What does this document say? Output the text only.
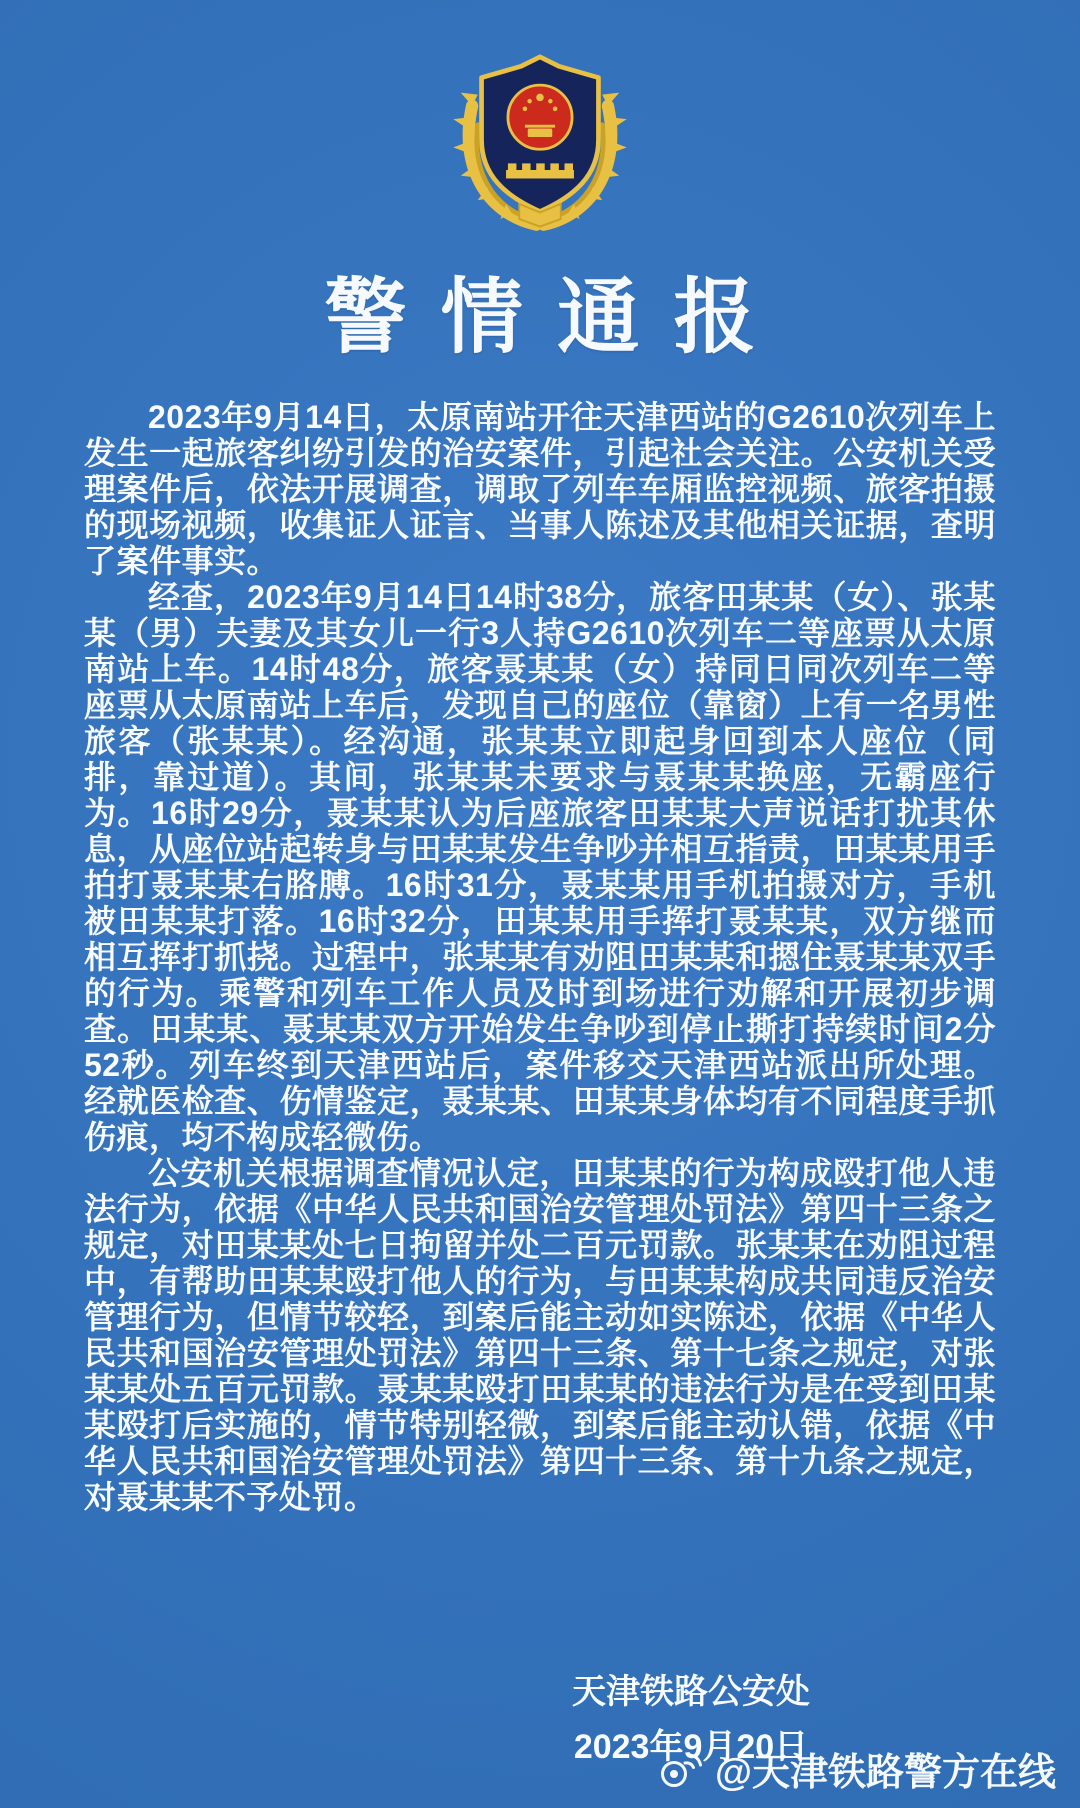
警情通报

2023年9月14日，太原南站开往天津西站的G2610次列车上发生一起旅客纠纷引发的治安案件，引起社会关注。公安机关受理案件后，依法开展调查，调取了列车车厢监控视频、旅客拍摄的现场视频，收集证人证言、当事人陈述及其他相关证据，查明了案件事实。

经查，2023年9月14日14时38分，旅客田某某（女）、张某某（男）夫妻及其女儿一行3人持G2610次列车二等座票从太原南站上车。14时48分，旅客聂某某（女）持同日同次列车二等座票从太原南站上车后，发现自己的座位（靠窗）上有一名男性旅客（张某某）。经沟通，张某某立即起身回到本人座位（同排，靠过道）。其间，张某某未要求与聂某某换座，无霸座行为。16时29分，聂某某认为后座旅客田某某大声说话打扰其休息，从座位站起转身与田某某发生争吵并相互指责，田某某用手拍打聂某某右胳膊。16时31分，聂某某用手机拍摄对方，手机被田某某打落。16时32分，田某某用手挥打聂某某，双方继而相互挥打抓挠。过程中，张某某有劝阻田某某和摁住聂某某双手的行为。乘警和列车工作人员及时到场进行劝解和开展初步调查。田某某、聂某某双方开始发生争吵到停止撕打持续时间2分52秒。列车终到天津西站后，案件移交天津西站派出所处理。经就医检查、伤情鉴定，聂某某、田某某身体均有不同程度手抓伤痕，均不构成轻微伤。

公安机关根据调查情况认定，田某某的行为构成殴打他人违法行为，依据《中华人民共和国治安管理处罚法》第四十三条之规定，对田某某处七日拘留并处二百元罚款。张某某在劝阻过程中，有帮助田某某殴打他人的行为，与田某某构成共同违反治安管理行为，但情节较轻，到案后能主动如实陈述，依据《中华人民共和国治安管理处罚法》第四十三条、第十七条之规定，对张某某处五百元罚款。聂某某殴打田某某的违法行为是在受到田某某殴打后实施的，情节特别轻微，到案后能主动认错，依据《中华人民共和国治安管理处罚法》第四十三条、第十九条之规定，对聂某某不予处罚。

天津铁路公安处
2023年9月20日
@天津铁路警方在线
